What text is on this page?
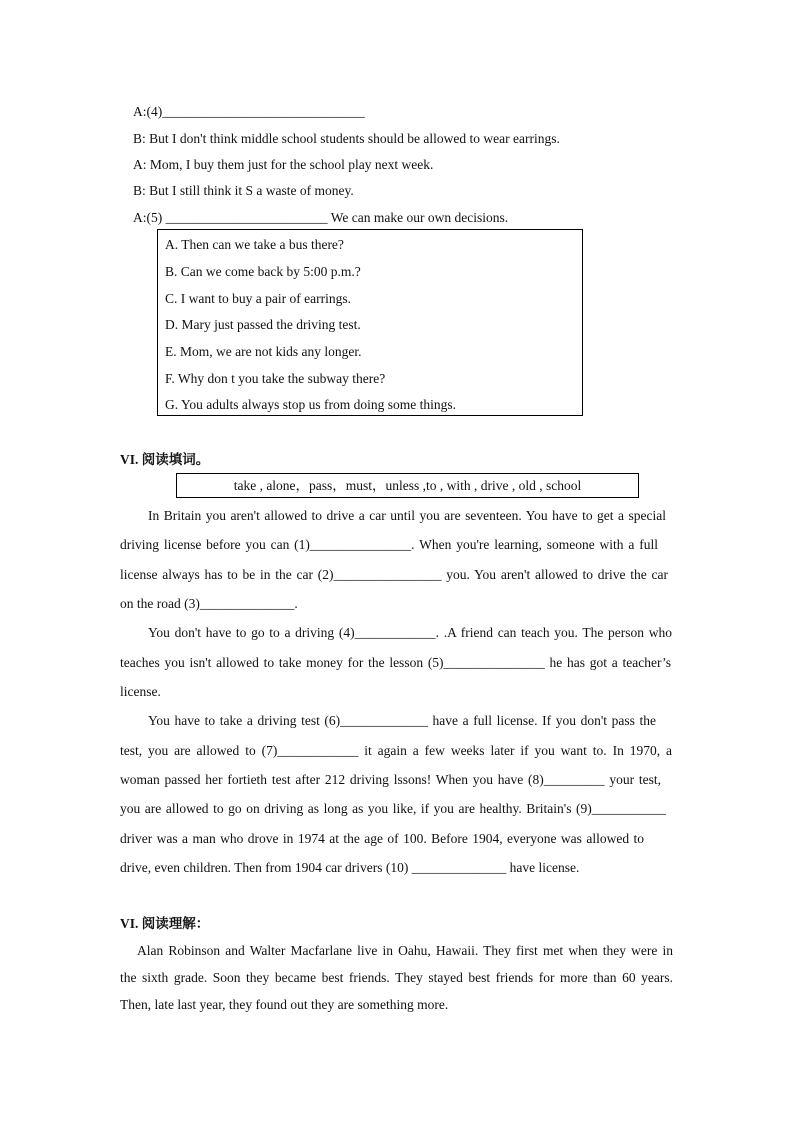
A:(4)______________________________
B: But I don't think middle school students should be allowed to wear earrings.
A: Mom, I buy them just for the school play next week.
B: But I still think it S a waste of money.
A:(5) ________________________ We can make our own decisions.
A. Then can we take a bus there?
B. Can we come back by 5:00 p.m.?
C. I want to buy a pair of earrings.
D. Mary just passed the driving test.
E. Mom, we are not kids any longer.
F. Why don t you take the subway there?
G. You adults always stop us from doing some things.
VI. 阅读填词。
take , alone，pass，must，unless ,to , with , drive , old , school
In Britain you aren't allowed to drive a car until you are seventeen. You have to get a special
driving license before you can (1)_______________. When you're learning, someone with a full
license always has to be in the car (2)________________ you. You aren't allowed to drive the car
on the road (3)______________.
You don't have to go to a driving (4)____________. .A friend can teach you. The person who
teaches you isn't allowed to take money for the lesson (5)_______________ he has got a teacher’s
license.
You have to take a driving test (6)_____________ have a full license. If you don't pass the
test, you are allowed to (7)____________ it again a few weeks later if you want to. In 1970, a
woman passed her fortieth test after 212 driving lssons! When you have (8)_________ your test,
you are allowed to go on driving as long as you like, if you are healthy. Britain's (9)___________
driver was a man who drove in 1974 at the age of 100. Before 1904, everyone was allowed to
drive, even children. Then from 1904 car drivers (10) ______________ have license.
VI. 阅读理解：
Alan Robinson and Walter Macfarlane live in Oahu, Hawaii. They first met when they were in
the sixth grade. Soon they became best friends. They stayed best friends for more than 60 years.
Then, late last year, they found out they are something more.
